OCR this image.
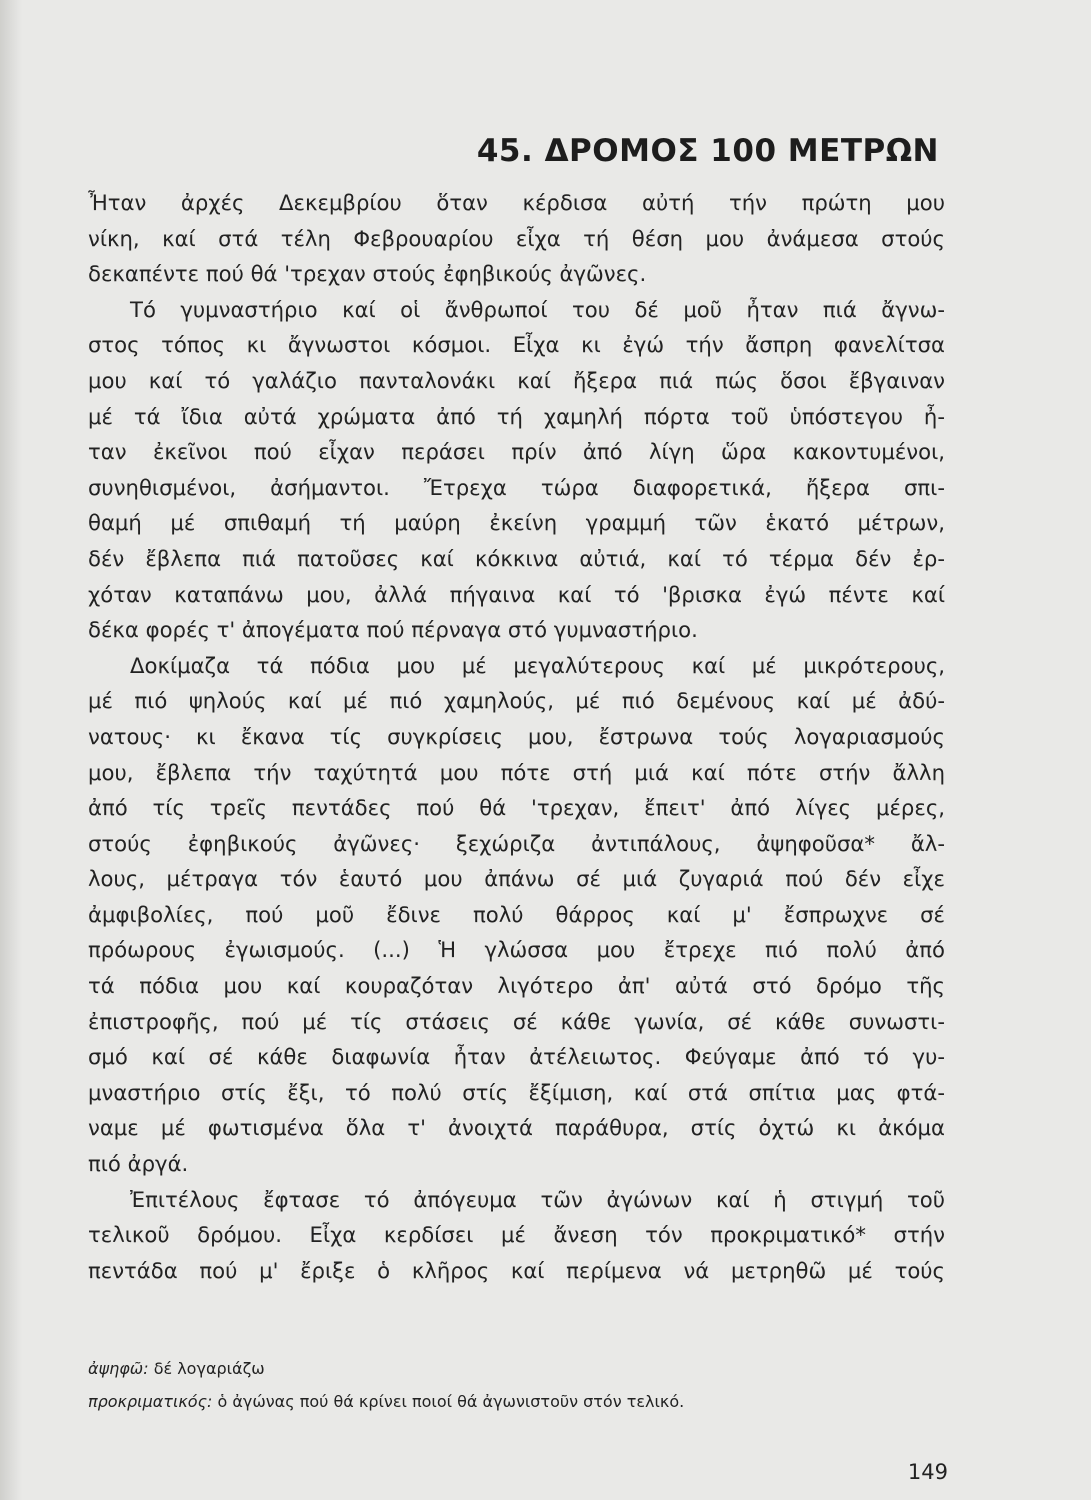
45. ΔΡΟΜΟΣ 100 ΜΕΤΡΩΝ

Ἦταν ἀρχές Δεκεμβρίου ὅταν κέρδισα αὐτή τήν πρώτη μου
νίκη, καί στά τέλη Φεβρουαρίου εἶχα τή θέση μου ἀνάμεσα στούς
δεκαπέντε πού θά 'τρεχαν στούς ἐφηβικούς ἀγῶνες.

Τό γυμναστήριο καί οἱ ἄνθρωποί του δέ μοῦ ἦταν πιά ἄγνω-
στος τόπος κι ἄγνωστοι κόσμοι. Εἶχα κι ἐγώ τήν ἄσπρη φανελίτσα
μου καί τό γαλάζιο πανταλονάκι καί ἤξερα πιά πώς ὅσοι ἔβγαιναν
μέ τά ἴδια αὐτά χρώματα ἀπό τή χαμηλή πόρτα τοῦ ὑπόστεγου ἦ-
ταν ἐκεῖνοι πού εἶχαν περάσει πρίν ἀπό λίγη ὥρα κακοντυμένοι,
συνηθισμένοι, ἀσήμαντοι. Ἔτρεχα τώρα διαφορετικά, ἤξερα σπι-
θαμή μέ σπιθαμή τή μαύρη ἐκείνη γραμμή τῶν ἑκατό μέτρων,
δέν ἔβλεπα πιά πατοῦσες καί κόκκινα αὐτιά, καί τό τέρμα δέν ἐρ-
χόταν καταπάνω μου, ἀλλά πήγαινα καί τό 'βρισκα ἐγώ πέντε καί
δέκα φορές τ' ἀπογέματα πού πέρναγα στό γυμναστήριο.

Δοκίμαζα τά πόδια μου μέ μεγαλύτερους καί μέ μικρότερους,
μέ πιό ψηλούς καί μέ πιό χαμηλούς, μέ πιό δεμένους καί μέ ἀδύ-
νατους· κι ἔκανα τίς συγκρίσεις μου, ἔστρωνα τούς λογαριασμούς
μου, ἔβλεπα τήν ταχύτητά μου πότε στή μιά καί πότε στήν ἄλλη
ἀπό τίς τρεῖς πεντάδες πού θά 'τρεχαν, ἔπειτ' ἀπό λίγες μέρες,
στούς ἐφηβικούς ἀγῶνες· ξεχώριζα ἀντιπάλους, ἀψηφοῦσα* ἄλ-
λους, μέτραγα τόν ἑαυτό μου ἀπάνω σέ μιά ζυγαριά πού δέν εἶχε
ἀμφιβολίες, πού μοῦ ἔδινε πολύ θάρρος καί μ' ἔσπρωχνε σέ
πρόωρους ἐγωισμούς. (...) Ἡ γλώσσα μου ἔτρεχε πιό πολύ ἀπό
τά πόδια μου καί κουραζόταν λιγότερο ἀπ' αὐτά στό δρόμο τῆς
ἐπιστροφῆς, πού μέ τίς στάσεις σέ κάθε γωνία, σέ κάθε συνωστι-
σμό καί σέ κάθε διαφωνία ἦταν ἀτέλειωτος. Φεύγαμε ἀπό τό γυ-
μναστήριο στίς ἔξι, τό πολύ στίς ἔξίμιση, καί στά σπίτια μας φτά-
ναμε μέ φωτισμένα ὅλα τ' ἀνοιχτά παράθυρα, στίς ὀχτώ κι ἀκόμα
πιό ἀργά.

Ἐπιτέλους ἔφτασε τό ἀπόγευμα τῶν ἀγώνων καί ἡ στιγμή τοῦ
τελικοῦ δρόμου. Εἶχα κερδίσει μέ ἄνεση τόν προκριματικό* στήν
πεντάδα πού μ' ἔριξε ὁ κλῆρος καί περίμενα νά μετρηθῶ μέ τούς

ἀψηφῶ: δέ λογαριάζω
προκριματικός: ὁ ἀγώνας πού θά κρίνει ποιοί θά ἀγωνιστοῦν στόν τελικό.
149
